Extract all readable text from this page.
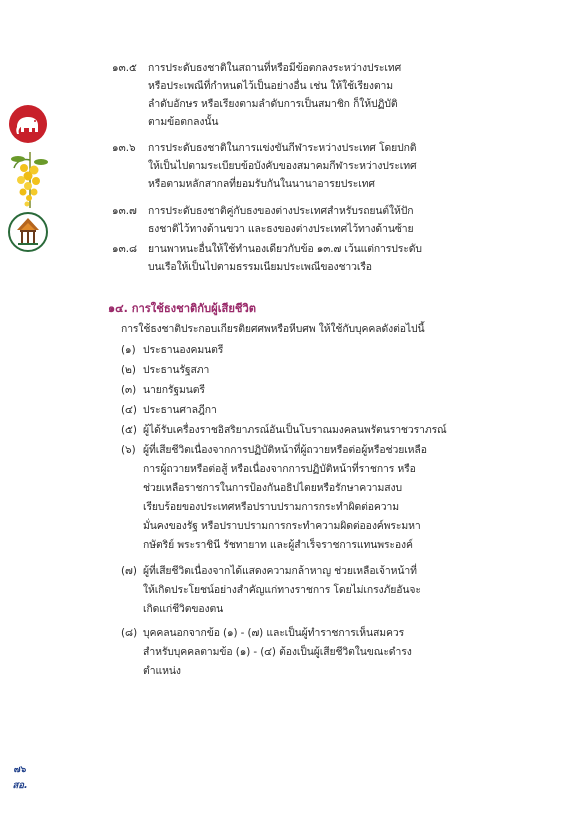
๑๓.๕ การประดับธงชาติในสถานที่หรือมีข้อตกลงระหว่างประเทศ
หรือประเพณีที่กำหนดไว้เป็นอย่างอื่น เช่น ให้ใช้เรียงตาม
ลำดับอักษร หรือเรียงตามลำดับการเป็นสมาชิก ก็ให้ปฏิบัติ
ตามข้อตกลงนั้น
๑๓.๖ การประดับธงชาติในการแข่งขันกีฬาระหว่างประเทศ โดยปกติ
ให้เป็นไปตามระเบียบข้อบังคับของสมาคมกีฬาระหว่างประเทศ
หรือตามหลักสากลที่ยอมรับกันในนานาอารยประเทศ
๑๓.๗ การประดับธงชาติคู่กับธงของต่างประเทศสำหรับรถยนต์ให้ปัก
ธงชาติไว้ทางด้านขวา และธงของต่างประเทศไว้ทางด้านซ้าย
๑๓.๘ ยานพาหนะอื่นให้ใช้ทำนองเดียวกับข้อ ๑๓.๗ เว้นแต่การประดับ
บนเรือให้เป็นไปตามธรรมเนียมประเพณีของชาวเรือ
๑๔. การใช้ธงชาติกับผู้เสียชีวิต
การใช้ธงชาติประกอบเกียรติยศศพหรือหีบศพ ให้ใช้กับบุคคลดังต่อไปนี้
(๑) ประธานองคมนตรี
(๒) ประธานรัฐสภา
(๓) นายกรัฐมนตรี
(๔) ประธานศาลฎีกา
(๕) ผู้ได้รับเครื่องราชอิสริยาภรณ์อันเป็นโบราณมงคลนพรัตนราชวราภรณ์
(๖) ผู้ที่เสียชีวิตเนื่องจากการปฏิบัติหน้าที่ผู้ถวายหรือต่อผู้หรือช่วยเหลือ
การผู้ถวายหรือต่อสู้ หรือเนื่องจากการปฏิบัติหน้าที่ราชการ หรือ
ช่วยเหลือราชการในการป้องกันอธิปไตยหรือรักษาความสงบ
เรียบร้อยของประเทศหรือปราบปรามการกระทำผิดต่อความ
มั่นคงของรัฐ หรือปราบปรามการกระทำความผิดต่อองค์พระมหา
กษัตริย์ พระราชินี รัชทายาท และผู้สำเร็จราชการแทนพระองค์
(๗) ผู้ที่เสียชีวิตเนื่องจากได้แสดงความกล้าหาญ ช่วยเหลือเจ้าหน้าที่
ให้เกิดประโยชน์อย่างสำคัญแก่ทางราชการ โดยไม่เกรงภัยอันจะ
เกิดแก่ชีวิตของตน
(๘) บุคคลนอกจากข้อ (๑) - (๗) และเป็นผู้ทำราชการเห็นสมควร
สำหรับบุคคลตามข้อ (๑) - (๔) ต้องเป็นผู้เสียชีวิตในขณะดำรง
ตำแหน่ง
๗๖
สอ.
